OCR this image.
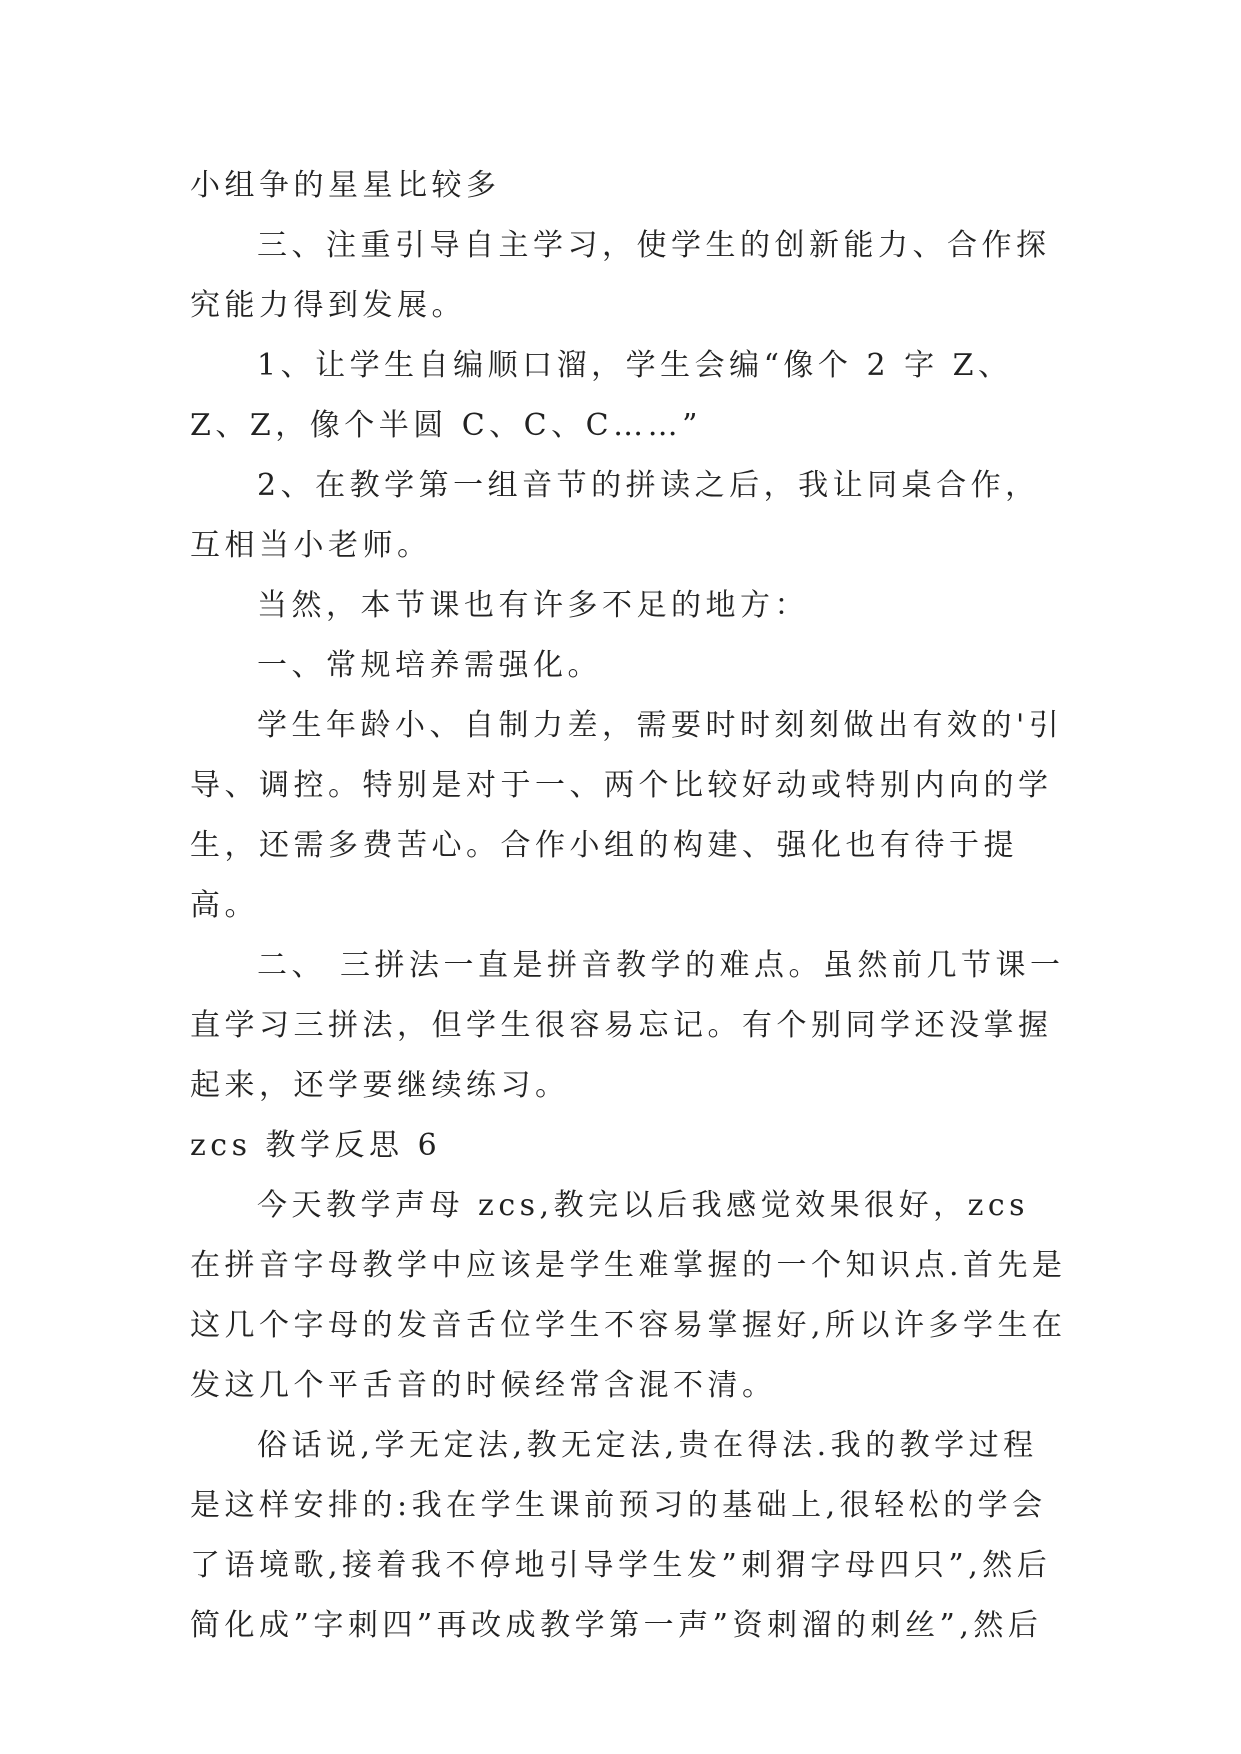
小组争的星星比较多

三、注重引导自主学习，使学生的创新能力、合作探究能力得到发展。

1、让学生自编顺口溜，学生会编“像个 2 字 Z、Z、Z，像个半圆 C、C、C……”

2、在教学第一组音节的拼读之后，我让同桌合作，互相当小老师。

当然，本节课也有许多不足的地方：

一、常规培养需强化。

学生年龄小、自制力差，需要时时刻刻做出有效的'引导、调控。特别是对于一、两个比较好动或特别内向的学生，还需多费苦心。合作小组的构建、强化也有待于提高。

二、 三拼法一直是拼音教学的难点。虽然前几节课一直学习三拼法，但学生很容易忘记。有个别同学还没掌握起来，还学要继续练习。

zcs 教学反思 6

今天教学声母 zcs,教完以后我感觉效果很好，zcs 在拼音字母教学中应该是学生难掌握的一个知识点.首先是这几个字母的发音舌位学生不容易掌握好,所以许多学生在发这几个平舌音的时候经常含混不清。

俗话说,学无定法,教无定法,贵在得法.我的教学过程是这样安排的:我在学生课前预习的基础上,很轻松的学会了语境歌,接着我不停地引导学生发”刺猬字母四只”,然后简化成”字刺四”再改成教学第一声”资刺溜的刺丝”,然后
